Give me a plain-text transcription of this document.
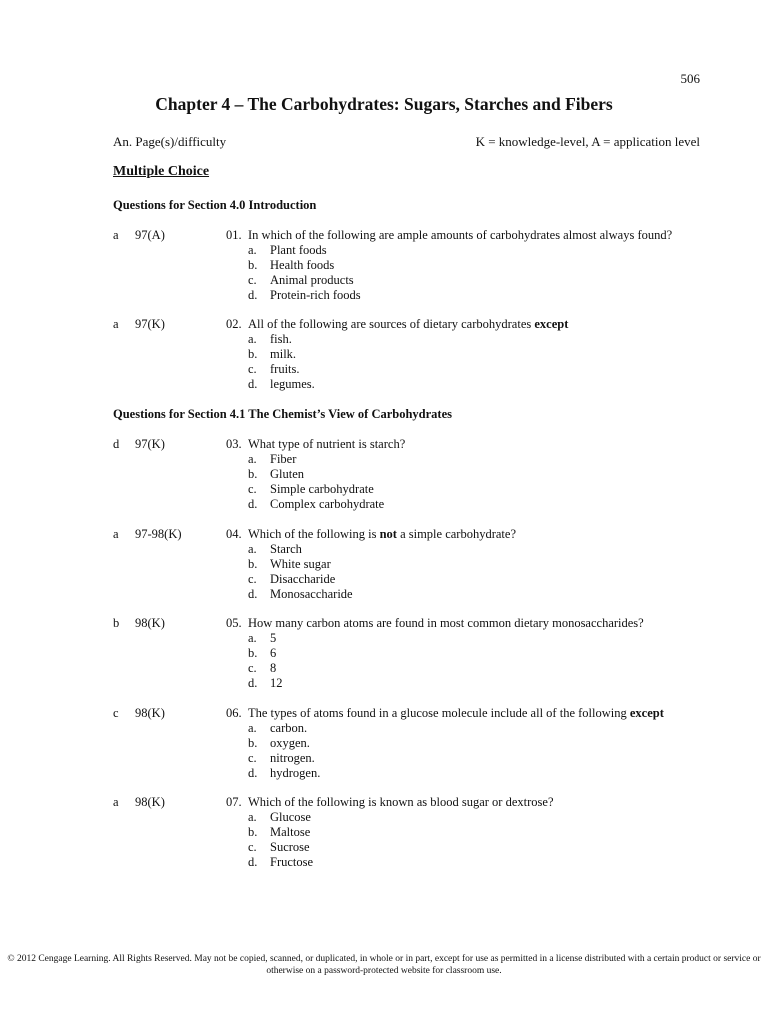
506
Chapter 4 – The Carbohydrates: Sugars, Starches and Fibers
An. Page(s)/difficulty	K = knowledge-level, A = application level
Multiple Choice
Questions for Section 4.0 Introduction
a 97(A)	01. In which of the following are ample amounts of carbohydrates almost always found?
a. Plant foods
b. Health foods
c. Animal products
d. Protein-rich foods
a 97(K)	02. All of the following are sources of dietary carbohydrates except
a. fish.
b. milk.
c. fruits.
d. legumes.
Questions for Section 4.1 The Chemist’s View of Carbohydrates
d 97(K)	03. What type of nutrient is starch?
a. Fiber
b. Gluten
c. Simple carbohydrate
d. Complex carbohydrate
a 97-98(K)	04. Which of the following is not a simple carbohydrate?
a. Starch
b. White sugar
c. Disaccharide
d. Monosaccharide
b 98(K)	05. How many carbon atoms are found in most common dietary monosaccharides?
a. 5
b. 6
c. 8
d. 12
c 98(K)	06. The types of atoms found in a glucose molecule include all of the following except
a. carbon.
b. oxygen.
c. nitrogen.
d. hydrogen.
a 98(K)	07. Which of the following is known as blood sugar or dextrose?
a. Glucose
b. Maltose
c. Sucrose
d. Fructose
© 2012 Cengage Learning. All Rights Reserved. May not be copied, scanned, or duplicated, in whole or in part, except for use as permitted in a license distributed with a certain product or service or otherwise on a password-protected website for classroom use.
